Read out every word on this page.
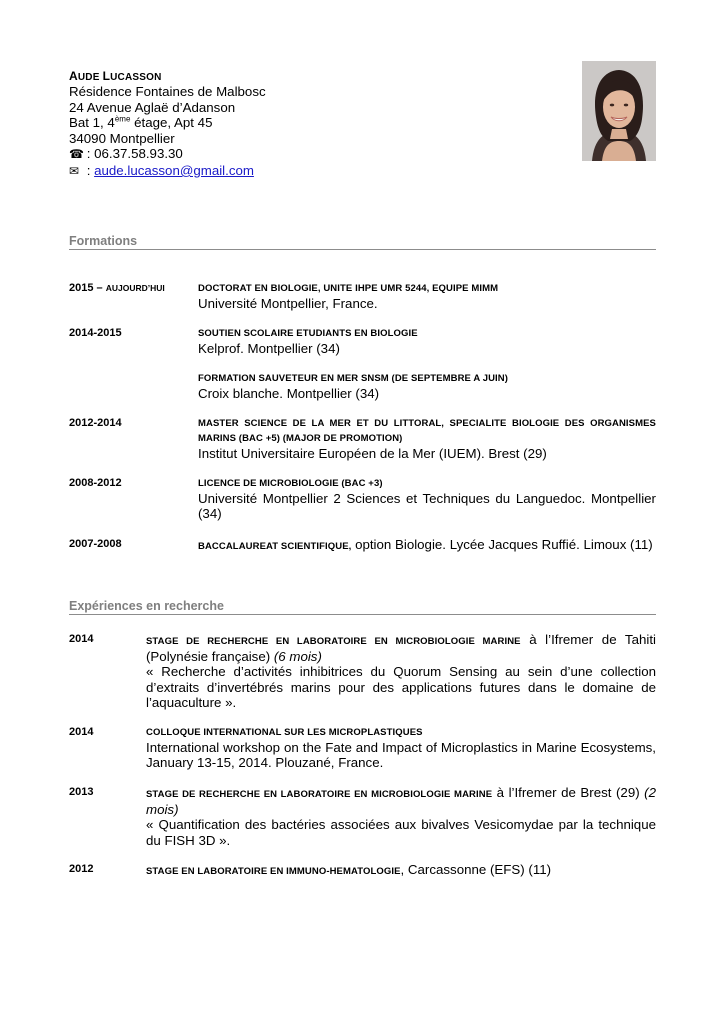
AUDE LUCASSON
Résidence Fontaines de Malbosc
24 Avenue Aglaë d’Adanson
Bat 1, 4ème étage, Apt 45
34090 Montpellier
☎ : 06.37.58.93.30
✉ : aude.lucasson@gmail.com
Formations
2015 – AUJOURD’HUI	DOCTORAT EN BIOLOGIE, UNITE IHPE UMR 5244, EQUIPE MIMM
Université Montpellier, France.
2014-2015	SOUTIEN SCOLAIRE ETUDIANTS EN BIOLOGIE
Kelprof. Montpellier (34)
FORMATION SAUVETEUR EN MER SNSM (DE SEPTEMBRE A JUIN)
Croix blanche. Montpellier (34)
2012-2014	MASTER SCIENCE DE LA MER ET DU LITTORAL, SPECIALITE BIOLOGIE DES ORGANISMES MARINS (BAC +5) (MAJOR DE PROMOTION)
Institut Universitaire Européen de la Mer (IUEM). Brest (29)
2008-2012	LICENCE DE MICROBIOLOGIE (BAC +3)
Université Montpellier 2 Sciences et Techniques du Languedoc. Montpellier (34)
2007-2008	BACCALAUREAT SCIENTIFIQUE, option Biologie. Lycée Jacques Ruffié. Limoux (11)
Expériences en recherche
2014	STAGE DE RECHERCHE EN LABORATOIRE EN MICROBIOLOGIE MARINE à l’Ifremer de Tahiti (Polynésie française) (6 mois)
« Recherche d’activités inhibitrices du Quorum Sensing au sein d’une collection d’extraits d’invertébrés marins pour des applications futures dans le domaine de l’aquaculture ».
2014	COLLOQUE INTERNATIONAL SUR LES MICROPLASTIQUES
International workshop on the Fate and Impact of Microplastics in Marine Ecosystems, January 13-15, 2014. Plouzané, France.
2013	STAGE DE RECHERCHE EN LABORATOIRE EN MICROBIOLOGIE MARINE à l’Ifremer de Brest (29) (2 mois)
« Quantification des bactéries associées aux bivalves Vesicomydae par la technique du FISH 3D ».
2012	STAGE EN LABORATOIRE EN IMMUNO-HEMATOLOGIE, Carcassonne (EFS) (11)
